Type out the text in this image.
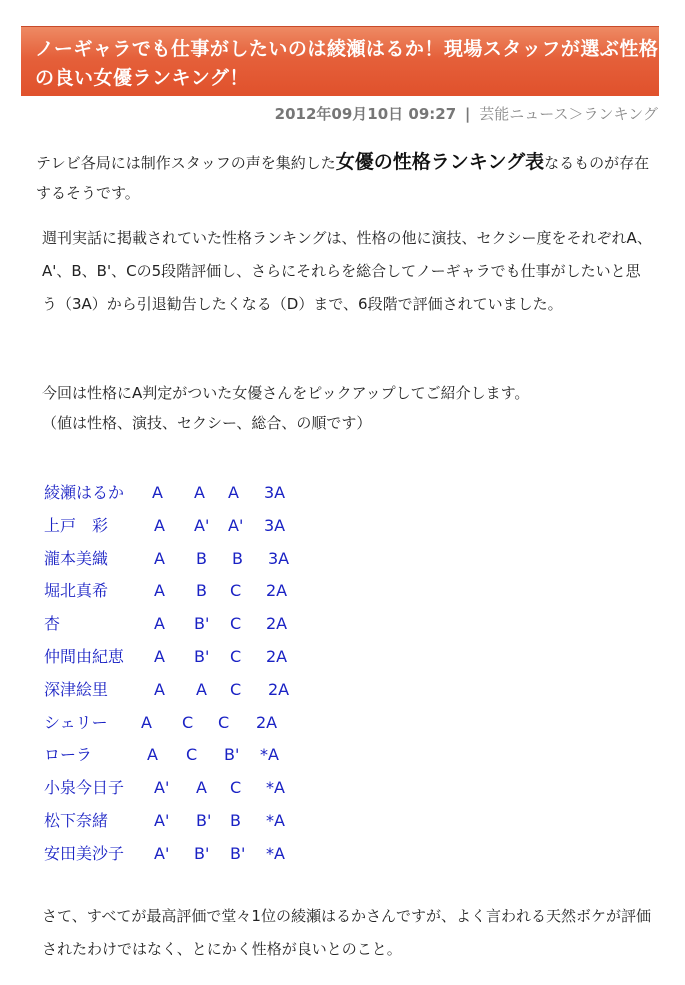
ノーギャラでも仕事がしたいのは綾瀬はるか！現場スタッフが選ぶ性格の良い女優ランキング！
2012年09月10日 09:27 | 芸能ニュース＞ランキング
テレビ各局には制作スタッフの声を集約した女優の性格ランキング表なるものが存在するそうです。
週刊実話に掲載されていた性格ランキングは、性格の他に演技、セクシー度をそれぞれA、A'、B、B'、Cの5段階評価し、さらにそれらを総合してノーギャラでも仕事がしたいと思う（3A）から引退勧告したくなる（D）まで、6段階で評価されていました。
今回は性格にA判定がついた女優さんをピックアップしてご紹介します。
（値は性格、演技、セクシー、総合、の順です）
綾瀬はるか A A A 3A
上戸　彩	A A' A' 3A
瀧本美織	A B B 3A
堀北真希	A B C 2A
杏	A B' C 2A
仲間由紀恵 A B' C 2A
深津絵里	A A C 2A
シェリー A C C 2A
ローラ	A C B' *A
小泉今日子 A' A C *A
松下奈緒	A' B' B *A
安田美沙子 A' B' B' *A
さて、すべてが最高評価で堂々1位の綾瀬はるかさんですが、よく言われる天然ボケが評価されたわけではなく、とにかく性格が良いとのこと。
